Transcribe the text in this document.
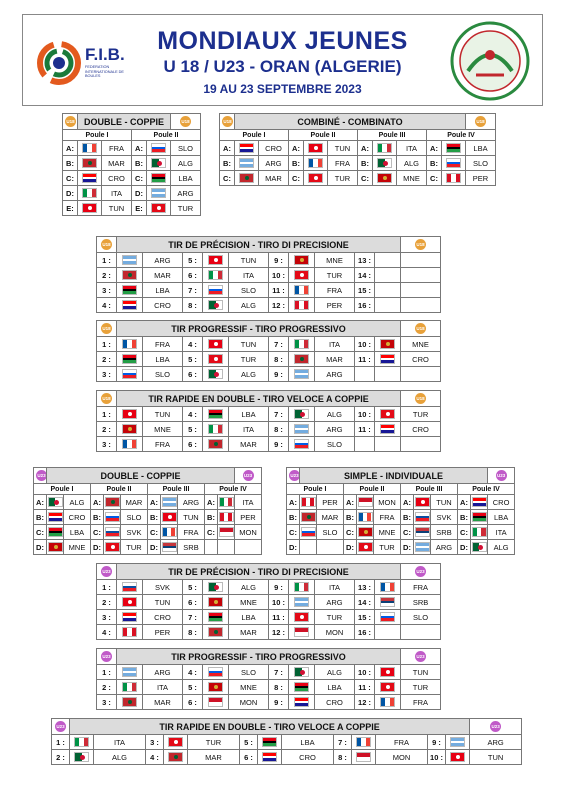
F.I.B.
FEDERATION INTERNATIONALE DE BOULES
MONDIAUX JEUNES
U 18 / U23 - ORAN (ALGERIE)
19 AU 23 SEPTEMBRE 2023
U18	DOUBLE - COPPIE				U18
Poule I			Poule II		
A:		FRA	A:		SLO
B:		MAR	B:		ALG
C:		CRO	C:		LBA
D:		ITA	D:		ARG
E:		TUN	E:		TUR
U18	COMBINÉ - COMBINATO										U18
Poule I			Poule II			Poule III			Poule IV		
A:		CRO	A:		TUN	A:		ITA	A:		LBA
B:		ARG	B:		FRA	B:		ALG	B:		SLO
C:		MAR	C:		TUR	C:		MNE	C:		PER
U18	TIR DE PRÉCISION - TIRO DI PRECISIONE										U18
1 :		ARG	5 :		TUN	9 :		MNE	13 :		
2 :		MAR	6 :		ITA	10 :		TUR	14 :		
3 :		LBA	7 :		SLO	11 :		FRA	15 :		
4 :		CRO	8 :		ALG	12 :		PER	16 :		
U18	TIR PROGRESSIF - TIRO PROGRESSIVO										U18
1 :		FRA	4 :		TUN	7 :		ITA	10 :		MNE
2 :		LBA	5 :		TUR	8 :		MAR	11 :		CRO
3 :		SLO	6 :		ALG	9 :		ARG			
U18	TIR RAPIDE EN DOUBLE - TIRO VELOCE A COPPIE										U18
1 :		TUN	4 :		LBA	7 :		ALG	10 :		TUR
2 :		MNE	5 :		ITA	8 :		ARG	11 :		CRO
3 :		FRA	6 :		MAR	9 :		SLO			
U23	DOUBLE - COPPIE										U23
Poule I			Poule II			Poule III			Poule IV		
A:		ALG	A:		MAR	A:		ARG	A:		ITA
B:		CRO	B:		SLO	B:		TUN	B:		PER
C:		LBA	C:		SVK	C:		FRA	C:		MON
D:		MNE	D:		TUR	D:		SRB			
U23	SIMPLE - INDIVIDUALE										U23
Poule I			Poule II			Poule III			Poule IV		
A:		PER	A:		MON	A:		TUN	A:		CRO
B:		MAR	B:		FRA	B:		SVK	B:		LBA
C:		SLO	C:		MNE	C:		SRB	C:		ITA
D:			D:		TUR	D:		ARG	D:		ALG
U23	TIR DE PRÉCISION - TIRO DI PRECISIONE										U23
1 :		SVK	5 :		ALG	9 :		ITA	13 :		FRA
2 :		TUN	6 :		MNE	10 :		ARG	14 :		SRB
3 :		CRO	7 :		LBA	11 :		TUR	15 :		SLO
4 :		PER	8 :		MAR	12 :		MON	16 :		
U23	TIR PROGRESSIF - TIRO PROGRESSIVO										U23
1 :		ARG	4 :		SLO	7 :		ALG	10 :		TUN
2 :		ITA	5 :		MNE	8 :		LBA	11 :		TUR
3 :		MAR	6 :		MON	9 :		CRO	12 :		FRA
U23	TIR RAPIDE EN DOUBLE - TIRO VELOCE A COPPIE													U23
1 :		ITA	3 :		TUR	5 :		LBA	7 :		FRA	9 :		ARG
2 :		ALG	4 :		MAR	6 :		CRO	8 :		MON	10 :		TUN
